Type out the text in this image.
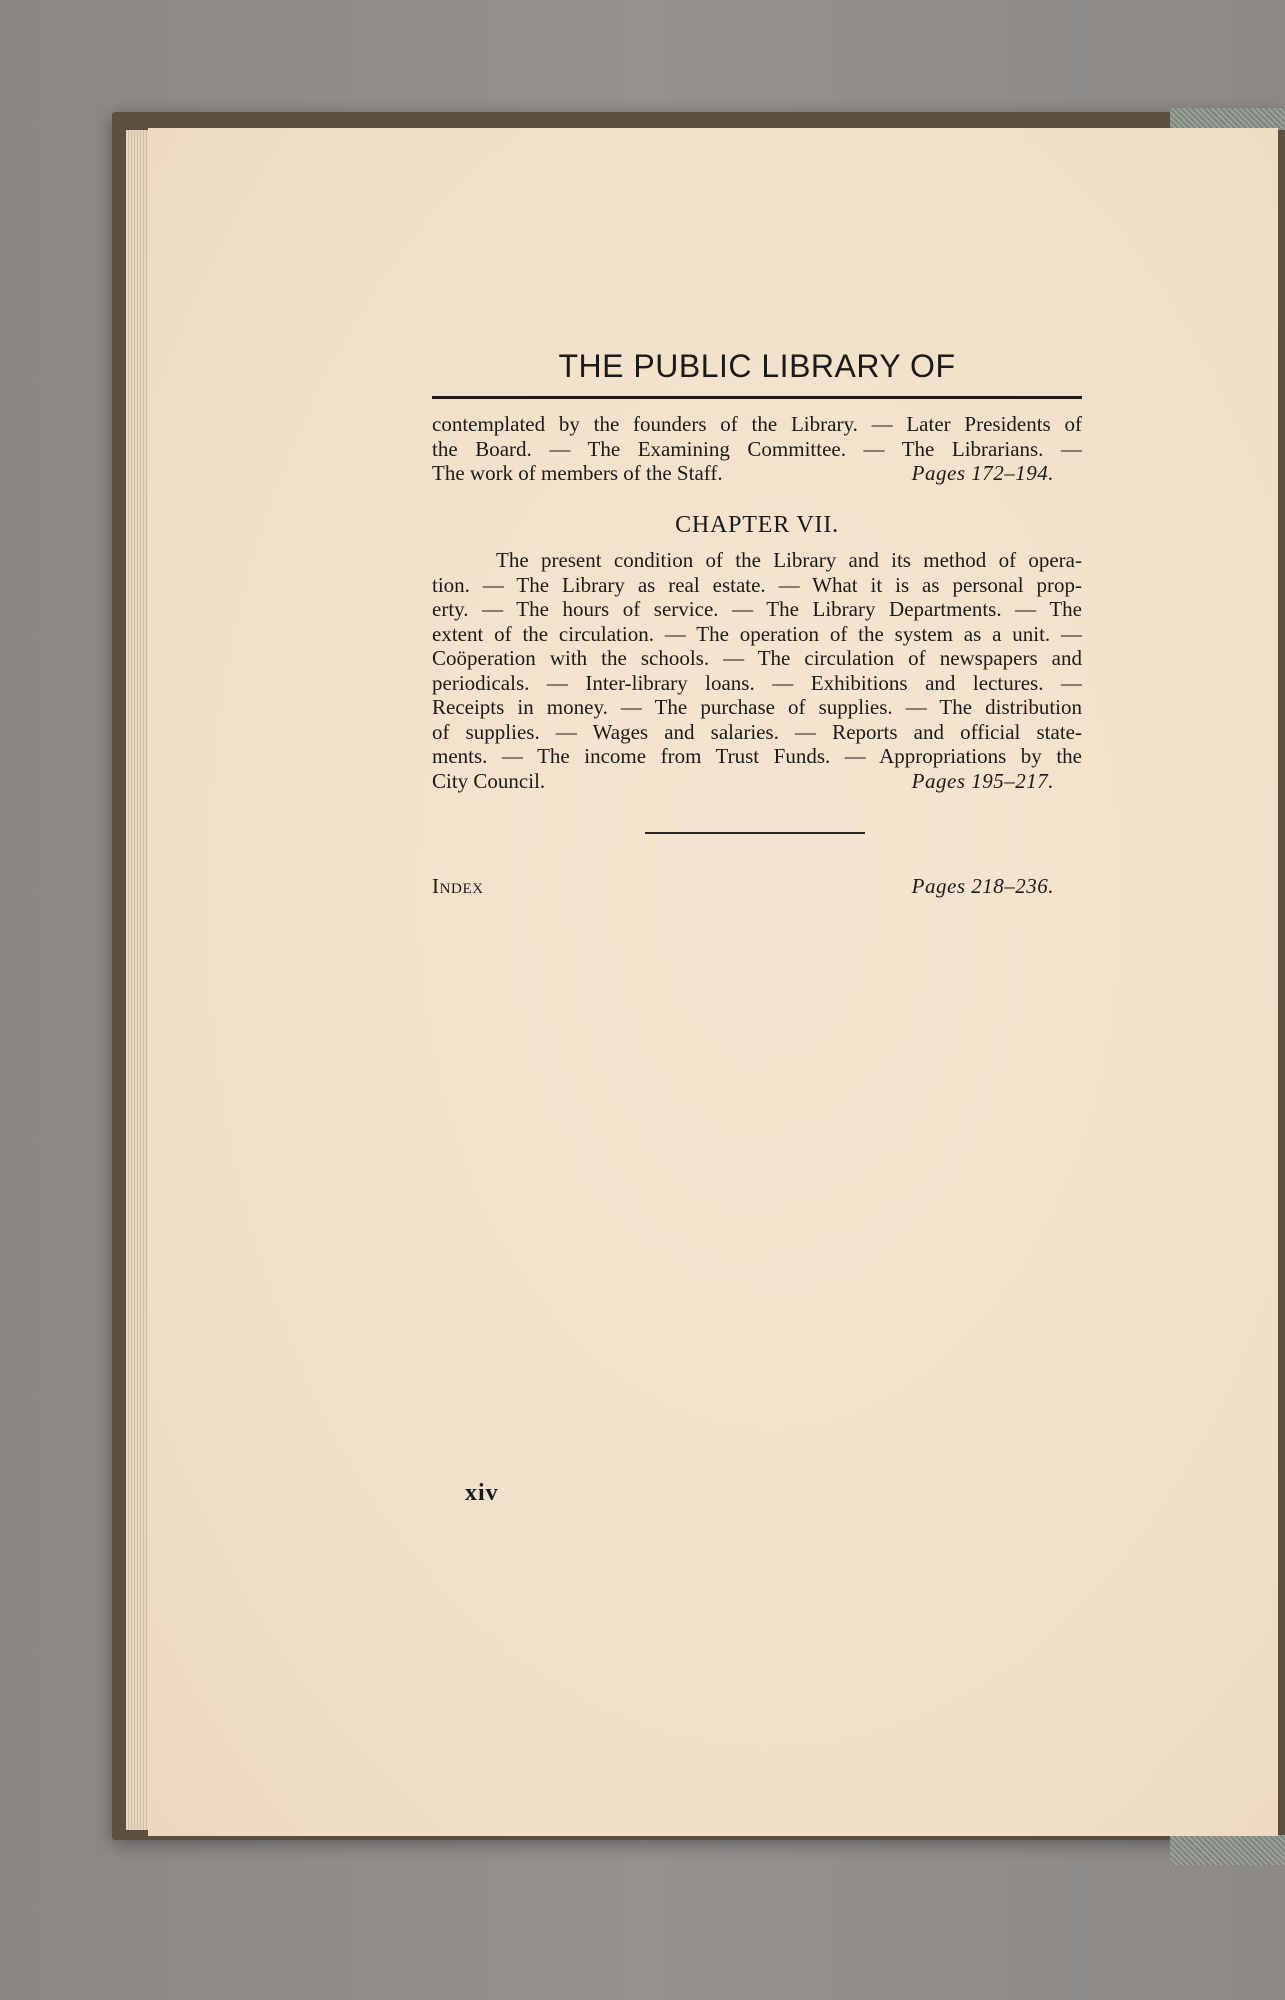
THE PUBLIC LIBRARY OF
contemplated by the founders of the Library. — Later Presidents of
the Board. — The Examining Committee. — The Librarians. —
The work of members of the Staff.	Pages 172–194.
CHAPTER VII.
The present condition of the Library and its method of opera-
tion. — The Library as real estate. — What it is as personal prop-
erty. — The hours of service. — The Library Departments. — The
extent of the circulation. — The operation of the system as a unit. —
Coöperation with the schools. — The circulation of newspapers and
periodicals. — Inter-library loans. — Exhibitions and lectures. —
Receipts in money. — The purchase of supplies. — The distribution
of supplies. — Wages and salaries. — Reports and official state-
ments. — The income from Trust Funds. — Appropriations by the
City Council.	Pages 195–217.
Index	Pages 218–236.
xiv
